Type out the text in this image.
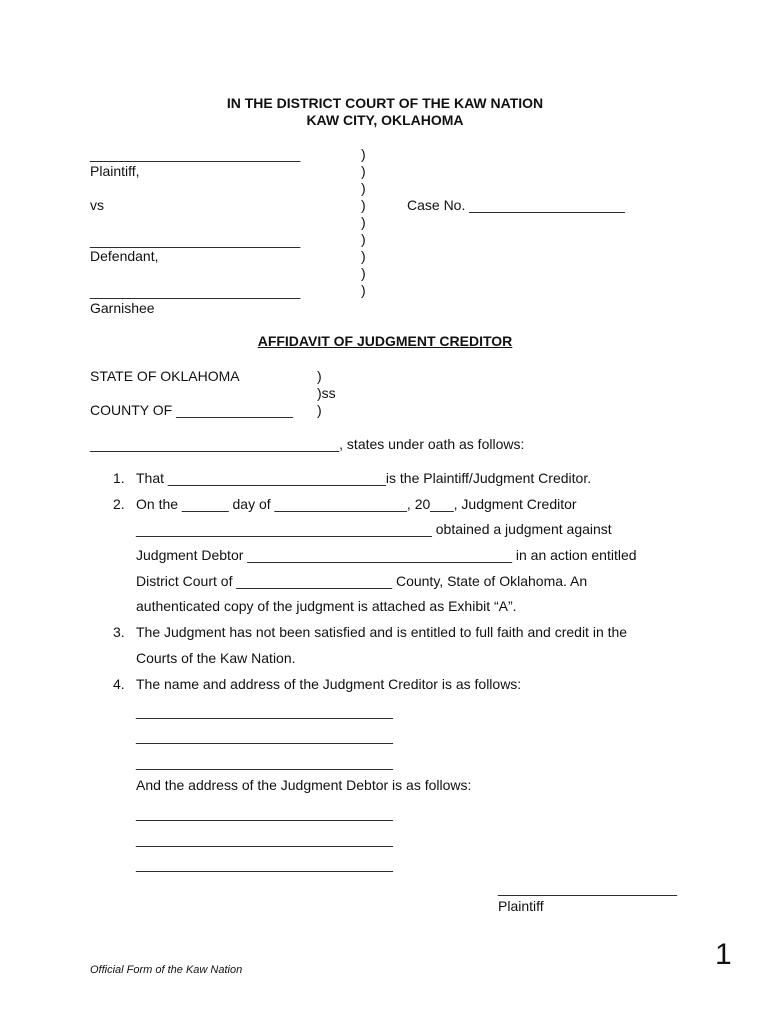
IN THE DISTRICT COURT OF THE KAW NATION
KAW CITY, OKLAHOMA
___________________________
Plaintiff,
vs
___________________________
Defendant,
___________________________
Garnishee
)
)
)
)
)
)
)
)
)
Case No. ____________________
AFFIDAVIT OF JUDGMENT CREDITOR
STATE OF OKLAHOMA	)
)ss
COUNTY OF _______________ )
________________________________, states under oath as follows:
1. That ____________________________is the Plaintiff/Judgment Creditor.
2. On the ______ day of _________________, 20___, Judgment Creditor
______________________________________ obtained a judgment against
Judgment Debtor __________________________________ in an action entitled
District Court of ____________________ County, State of Oklahoma. An
authenticated copy of the judgment is attached as Exhibit “A”.
3. The Judgment has not been satisfied and is entitled to full faith and credit in the
Courts of the Kaw Nation.
4. The name and address of the Judgment Creditor is as follows:
_________________________________
_________________________________
_________________________________
And the address of the Judgment Debtor is as follows:
_________________________________
_________________________________
_________________________________
_______________________
Plaintiff
Official Form of the Kaw Nation	1
